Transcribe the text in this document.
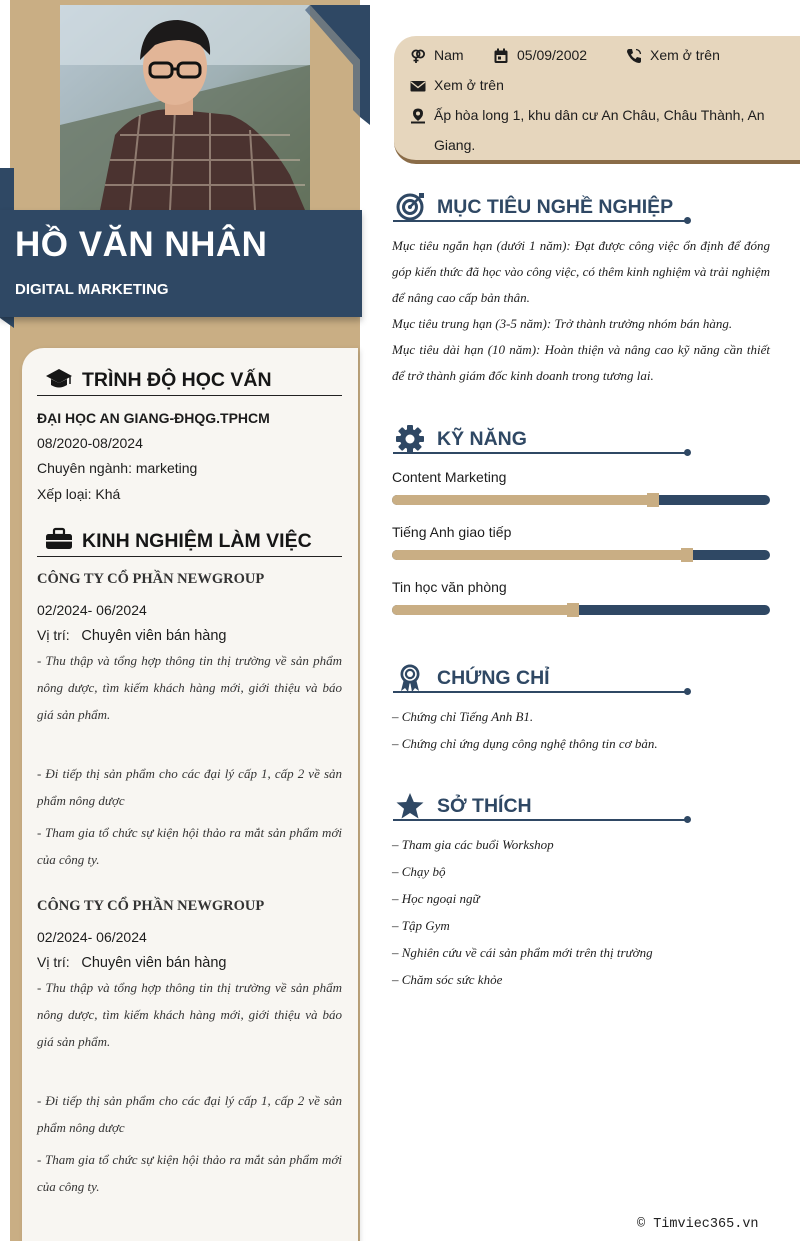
HỒ VĂN NHÂN
DIGITAL MARKETING
TRÌNH ĐỘ HỌC VẤN
ĐẠI HỌC AN GIANG-ĐHQG.TPHCM
08/2020-08/2024
Chuyên ngành: marketing
Xếp loại: Khá
KINH NGHIỆM LÀM VIỆC
CÔNG TY CỔ PHẦN NEWGROUP
02/2024- 06/2024
Vị trí: Chuyên viên bán hàng
- Thu thập và tổng hợp thông tin thị trường về sản phẩm nông dược, tìm kiếm khách hàng mới, giới thiệu và báo giá sản phẩm.
- Đi tiếp thị sản phẩm cho các đại lý cấp 1, cấp 2 về sản phẩm nông dược
- Tham gia tổ chức sự kiện hội thảo ra mắt sản phẩm mới của công ty.
CÔNG TY CỔ PHẦN NEWGROUP
02/2024- 06/2024
Vị trí: Chuyên viên bán hàng
- Thu thập và tổng hợp thông tin thị trường về sản phẩm nông dược, tìm kiếm khách hàng mới, giới thiệu và báo giá sản phẩm.
- Đi tiếp thị sản phẩm cho các đại lý cấp 1, cấp 2 về sản phẩm nông dược
- Tham gia tổ chức sự kiện hội thảo ra mắt sản phẩm mới của công ty.
Nam	05/09/2002	Xem ở trên
Xem ở trên
Ấp hòa long 1, khu dân cư An Châu, Châu Thành, An
Giang.
MỤC TIÊU NGHỀ NGHIỆP
Mục tiêu ngắn hạn (dưới 1 năm): Đạt được công việc ổn định để đóng góp kiến thức đã học vào công việc, có thêm kinh nghiệm và trải nghiệm để nâng cao cấp bản thân.
Mục tiêu trung hạn (3-5 năm): Trở thành trưởng nhóm bán hàng.
Mục tiêu dài hạn (10 năm): Hoàn thiện và nâng cao kỹ năng cần thiết để trở thành giám đốc kinh doanh trong tương lai.
KỸ NĂNG
Content Marketing
Tiếng Anh giao tiếp
Tin học văn phòng
CHỨNG CHỈ
– Chứng chỉ Tiếng Anh B1.
– Chứng chỉ ứng dụng công nghệ thông tin cơ bản.
SỞ THÍCH
– Tham gia các buổi Workshop
– Chạy bộ
– Học ngoại ngữ
– Tập Gym
– Nghiên cứu về cái sản phẩm mới trên thị trường
– Chăm sóc sức khỏe
© Timviec365.vn
